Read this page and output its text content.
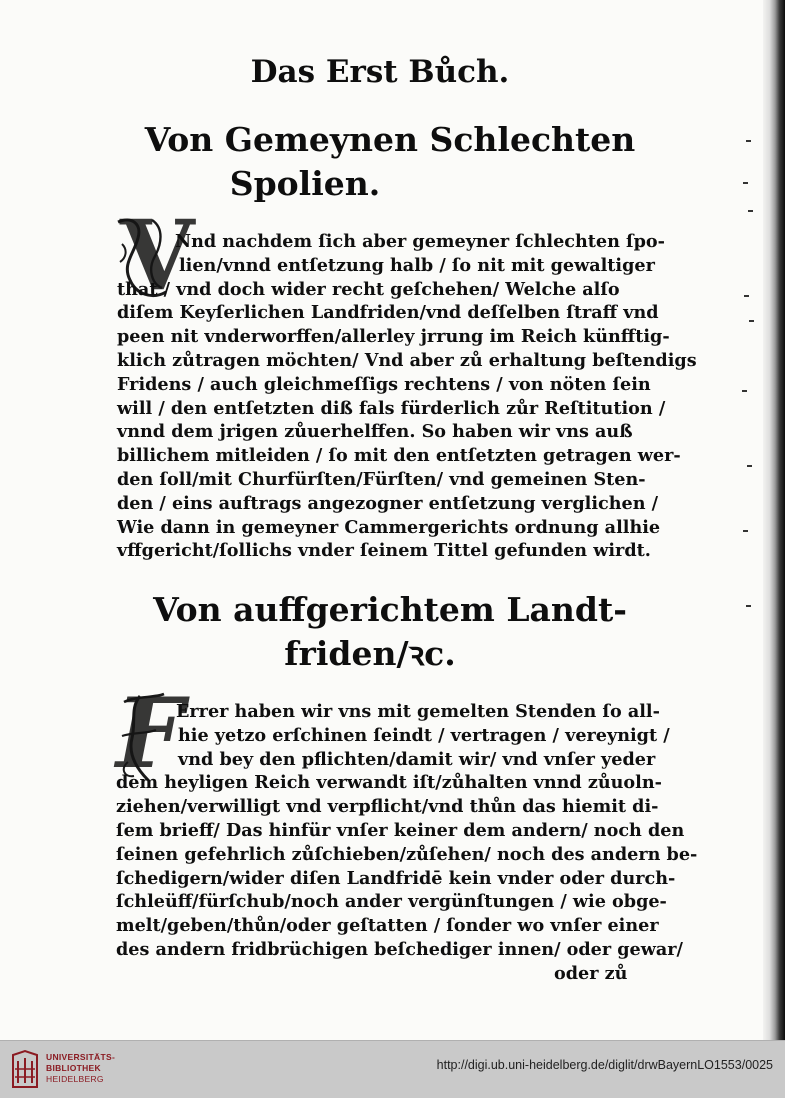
Das Erst Bůch.
Von Gemeynen Schlechten
Spolien.
V
Nnd nachdem ſich aber gemeyner ſchlechten ſpo-
lien/vnnd entſetzung halb / ſo nit mit gewaltiger
that / vnd doch wider recht geſchehen/ Welche alſo
diſem Keyſerlichen Landfriden/vnd deſſelben ſtraff vnd
peen nit vnderworffen/allerley jrrung im Reich künfftig-
klich zůtragen möchten/ Vnd aber zů erhaltung beſtendigs
Fridens / auch gleichmeſſigs rechtens / von nöten ſein
will / den entſetzten diß fals fürderlich zůr Reſtitution /
vnnd dem jrigen zůuerhelffen. So haben wir vns auß
billichem mitleiden / ſo mit den entſetzten getragen wer-
den ſoll/mit Churfürſten/Fürſten/ vnd gemeinen Sten-
den / eins auftrags angezogner entſetzung verglichen /
Wie dann in gemeyner Cammergerichts ordnung allhie
vffgericht/ſollichs vnder ſeinem Tittel gefunden wirdt.
Von auffgerichtem Landt-
friden/ꝛc.
F
Errer haben wir vns mit gemelten Stenden ſo all-
hie yetzo erſchinen ſeindt / vertragen / vereynigt /
vnd bey den pflichten/damit wir/ vnd vnſer yeder
dem heyligen Reich verwandt iſt/zůhalten vnnd zůuoln-
ziehen/verwilligt vnd verpflicht/vnd thůn das hiemit di-
ſem brieff/ Das hinfür vnſer keiner dem andern/ noch den
ſeinen gefehrlich zůſchieben/zůſehen/ noch des andern be-
ſchedigern/wider diſen Landfridē kein vnder oder durch-
ſchleüff/fürſchub/noch ander vergünſtungen / wie obge-
melt/geben/thůn/oder geſtatten / ſonder wo vnſer einer
des andern fridbrüchigen beſchediger innen/ oder gewar/
oder zů
UNIVERSITÄTS-
BIBLIOTHEK
HEIDELBERG
http://digi.ub.uni-heidelberg.de/diglit/drwBayernLO1553/0025
